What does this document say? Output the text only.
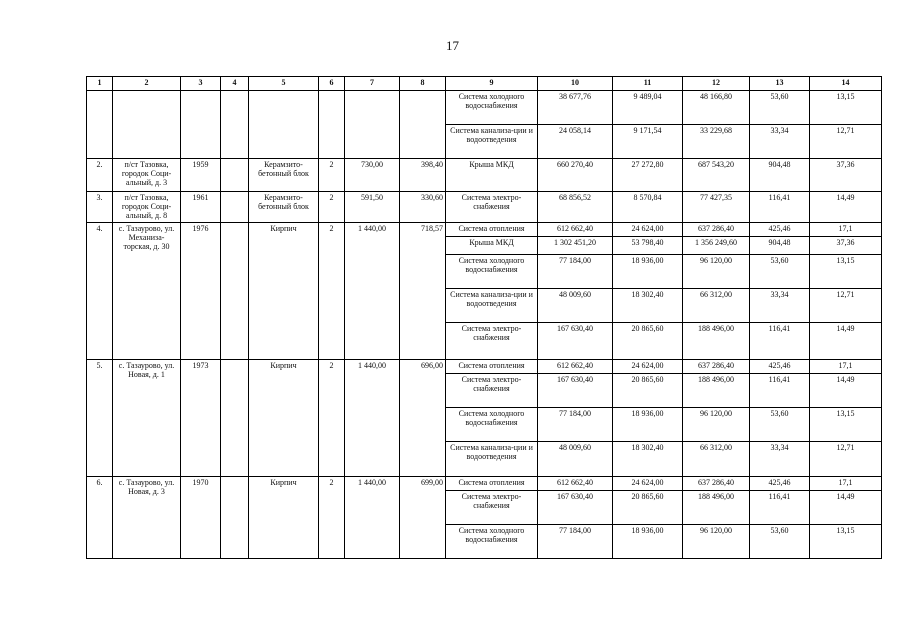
17
1	2	3	4	5	6	7	8	9	10	11	12	13	14
								Система холодного водоснабжения	38 677,76	9 489,04	48 166,80	53,60	13,15
								Система канализа-ции и водоотведения	24 058,14	9 171,54	33 229,68	33,34	12,71
2.	п/ст Тазовка, городок Соци-альный, д. 3	1959		Керамзито-бетонный блок	2	730,00	398,40	Крыша МКД	660 270,40	27 272,80	687 543,20	904,48	37,36
3.	п/ст Тазовка, городок Соци-альный, д. 8	1961		Керамзито-бетонный блок	2	591,50	330,60	Система электро-снабжения	68 856,52	8 570,84	77 427,35	116,41	14,49
4.	с. Тазаурово, ул. Механиза-торская, д. 30	1976		Кирпич	2	1 440,00	718,57	Система отопления	612 662,40	24 624,00	637 286,40	425,46	17,1
								Крыша МКД	1 302 451,20	53 798,40	1 356 249,60	904,48	37,36
								Система холодного водоснабжения	77 184,00	18 936,00	96 120,00	53,60	13,15
								Система канализа-ции и водоотведения	48 009,60	18 302,40	66 312,00	33,34	12,71
								Система электро-снабжения	167 630,40	20 865,60	188 496,00	116,41	14,49
5.	с. Тазаурово, ул. Новая, д. 1	1973		Кирпич	2	1 440,00	696,00	Система отопления	612 662,40	24 624,00	637 286,40	425,46	17,1
								Система электро-снабжения	167 630,40	20 865,60	188 496,00	116,41	14,49
								Система холодного водоснабжения	77 184,00	18 936,00	96 120,00	53,60	13,15
								Система канализа-ции и водоотведения	48 009,60	18 302,40	66 312,00	33,34	12,71
6.	с. Тазаурово, ул. Новая, д. 3	1970		Кирпич	2	1 440,00	699,00	Система отопления	612 662,40	24 624,00	637 286,40	425,46	17,1
								Система электро-снабжения	167 630,40	20 865,60	188 496,00	116,41	14,49
								Система холодного водоснабжения	77 184,00	18 936,00	96 120,00	53,60	13,15
